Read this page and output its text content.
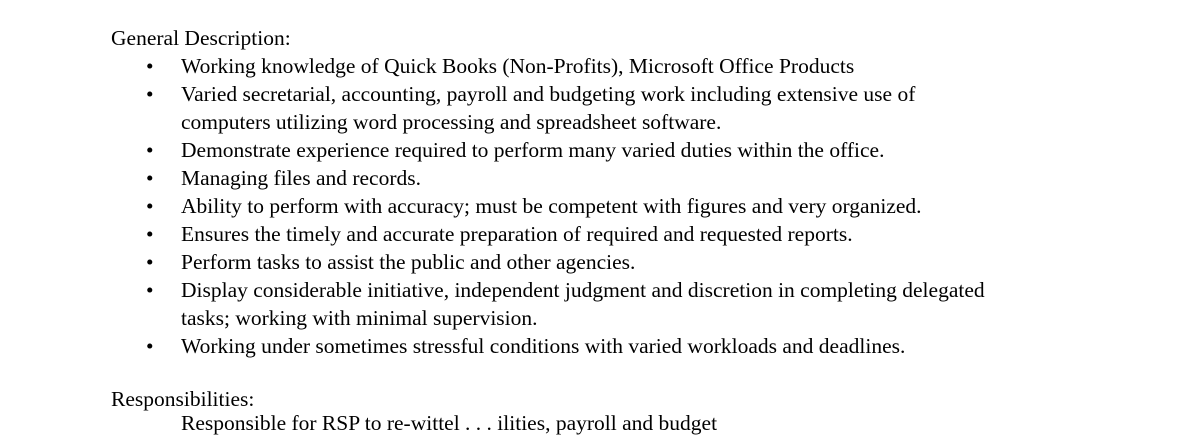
General Description:

• Working knowledge of Quick Books (Non-Profits), Microsoft Office Products
• Varied secretarial, accounting, payroll and budgeting work including extensive use of computers utilizing word processing and spreadsheet software.
• Demonstrate experience required to perform many varied duties within the office.
• Managing files and records.
• Ability to perform with accuracy; must be competent with figures and very organized.
• Ensures the timely and accurate preparation of required and requested reports.
• Perform tasks to assist the public and other agencies.
• Display considerable initiative, independent judgment and discretion in completing delegated tasks; working with minimal supervision.
• Working under sometimes stressful conditions with varied workloads and deadlines.

Responsibilities:

Responsible for RSP to re-wittel . . . ilities, payroll and budget
